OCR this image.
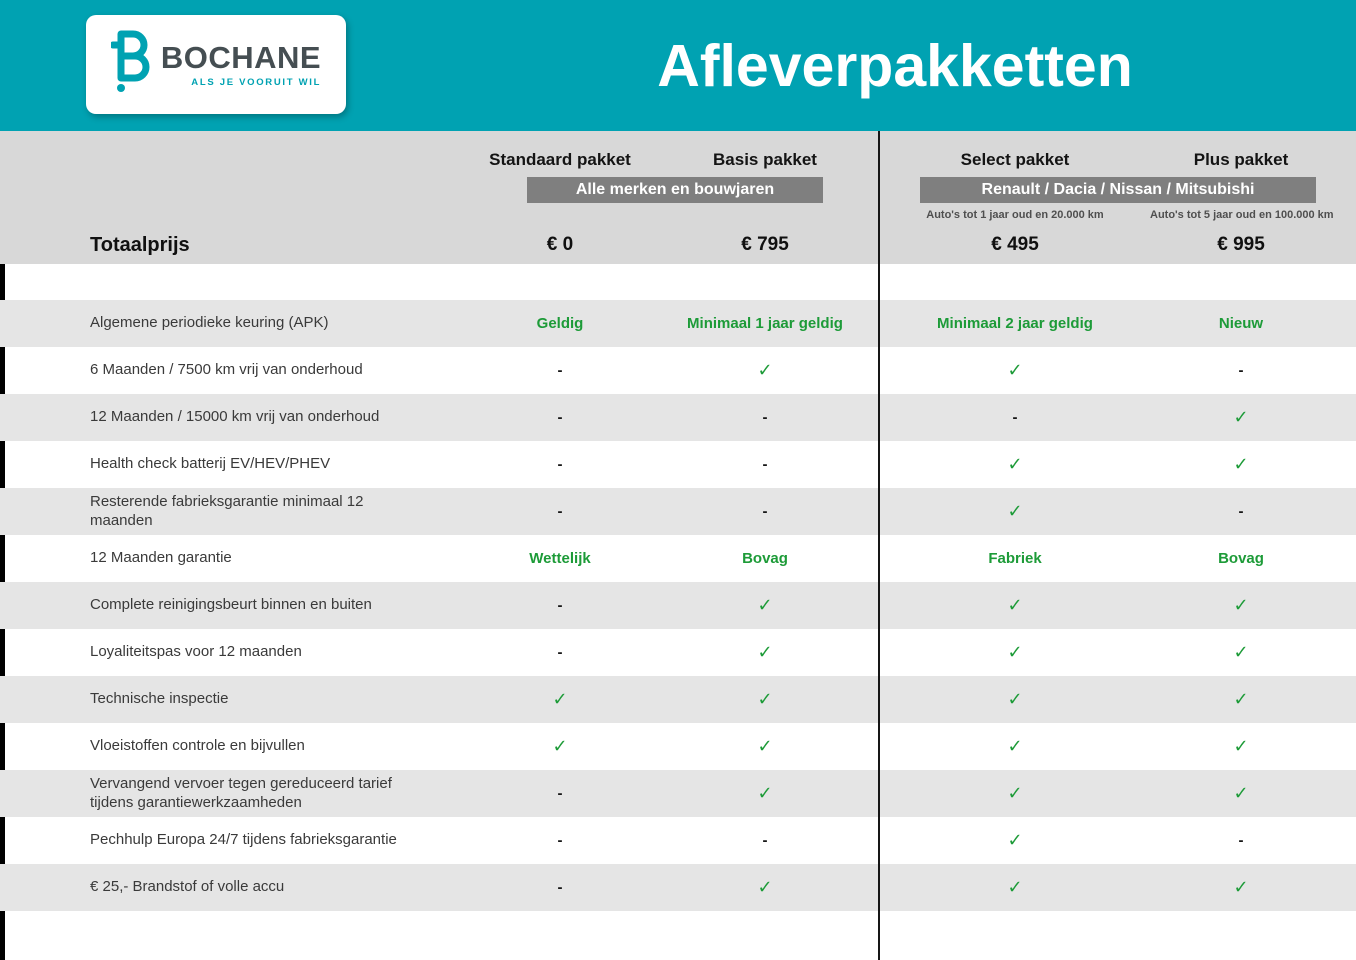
BOCHANE
ALS JE VOORUIT WIL	Afleverpakketten
Standaard pakket	Basis pakket	Select pakket	Plus pakket
Alle merken en bouwjaren	Renault / Dacia / Nissan / Mitsubishi
Auto's tot 1 jaar oud en 20.000 km	Auto's tot 5 jaar oud en 100.000 km
Totaalprijs	€ 0	€ 795	€ 495	€ 995
Algemene periodieke keuring (APK)	Geldig	Minimaal 1 jaar geldig	Minimaal 2 jaar geldig	Nieuw
6 Maanden / 7500 km vrij van onderhoud	-	✓	✓	-
12 Maanden / 15000 km vrij van onderhoud	-	-	-	✓
Health check batterij EV/HEV/PHEV	-	-	✓	✓
Resterende fabrieksgarantie minimaal 12 maanden	-	-	✓	-
12 Maanden garantie	Wettelijk	Bovag	Fabriek	Bovag
Complete reinigingsbeurt binnen en buiten	-	✓	✓	✓
Loyaliteitspas voor 12 maanden	-	✓	✓	✓
Technische inspectie	✓	✓	✓	✓
Vloeistoffen controle en bijvullen	✓	✓	✓	✓
Vervangend vervoer tegen gereduceerd tarief tijdens garantiewerkzaamheden	-	✓	✓	✓
Pechhulp Europa 24/7 tijdens fabrieksgarantie	-	-	✓	-
€ 25,- Brandstof of volle accu	-	✓	✓	✓
